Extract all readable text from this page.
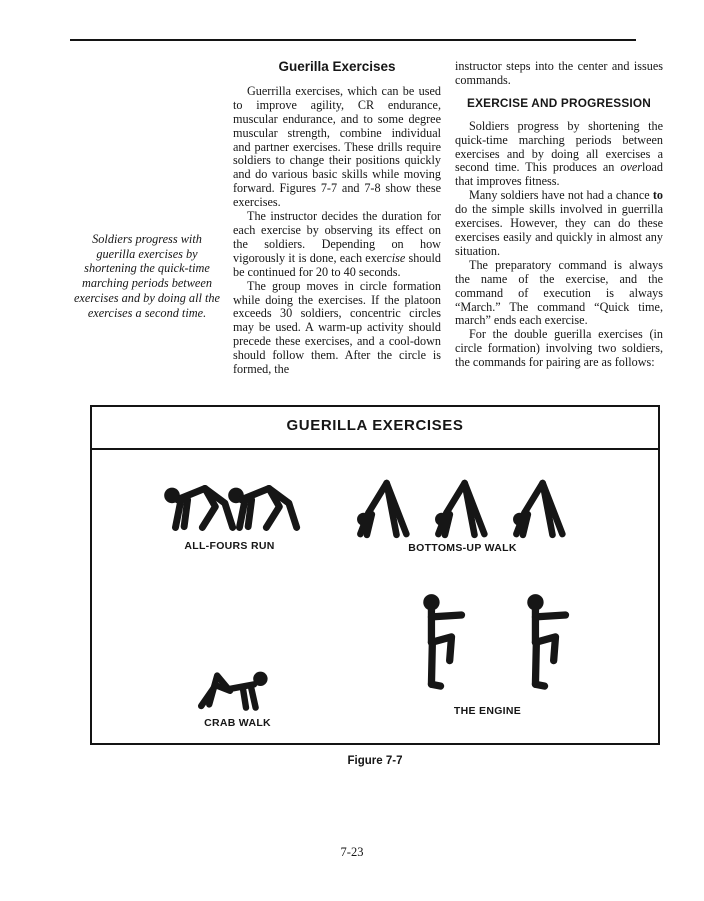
Soldiers progress with guerilla exercises by shortening the quick-time marching periods between exercises and by doing all the exercises a second time.
Guerilla Exercises

Guerrilla exercises, which can be used to improve agility, CR endurance, muscular endurance, and to some degree muscular strength, combine individual and partner exercises. These drills require soldiers to change their positions quickly and do various basic skills while moving forward. Figures 7-7 and 7-8 show these exercises.

The instructor decides the duration for each exercise by observing its effect on the soldiers. Depending on how vigorously it is done, each exercise should be continued for 20 to 40 seconds.

The group moves in circle formation while doing the exercises. If the platoon exceeds 30 soldiers, concentric circles may be used. A warm-up activity should precede these exercises, and a cool-down should follow them. After the circle is formed, the

instructor steps into the center and issues commands.

EXERCISE AND PROGRESSION

Soldiers progress by shortening the quick-time marching periods between exercises and by doing all exercises a second time. This produces an overload that improves fitness.

Many soldiers have not had a chance to do the simple skills involved in guerrilla exercises. However, they can do these exercises easily and quickly in almost any situation.

The preparatory command is always the name of the exercise, and the command of execution is always “March.” The command “Quick time, march” ends each exercise.

For the double guerilla exercises (in circle formation) involving two soldiers, the commands for pairing are as follows:

GUERILLA EXERCISES
ALL-FOURS RUN	BOTTOMS-UP WALK
CRAB WALK
THE ENGINE
Figure 7-7
7-23
